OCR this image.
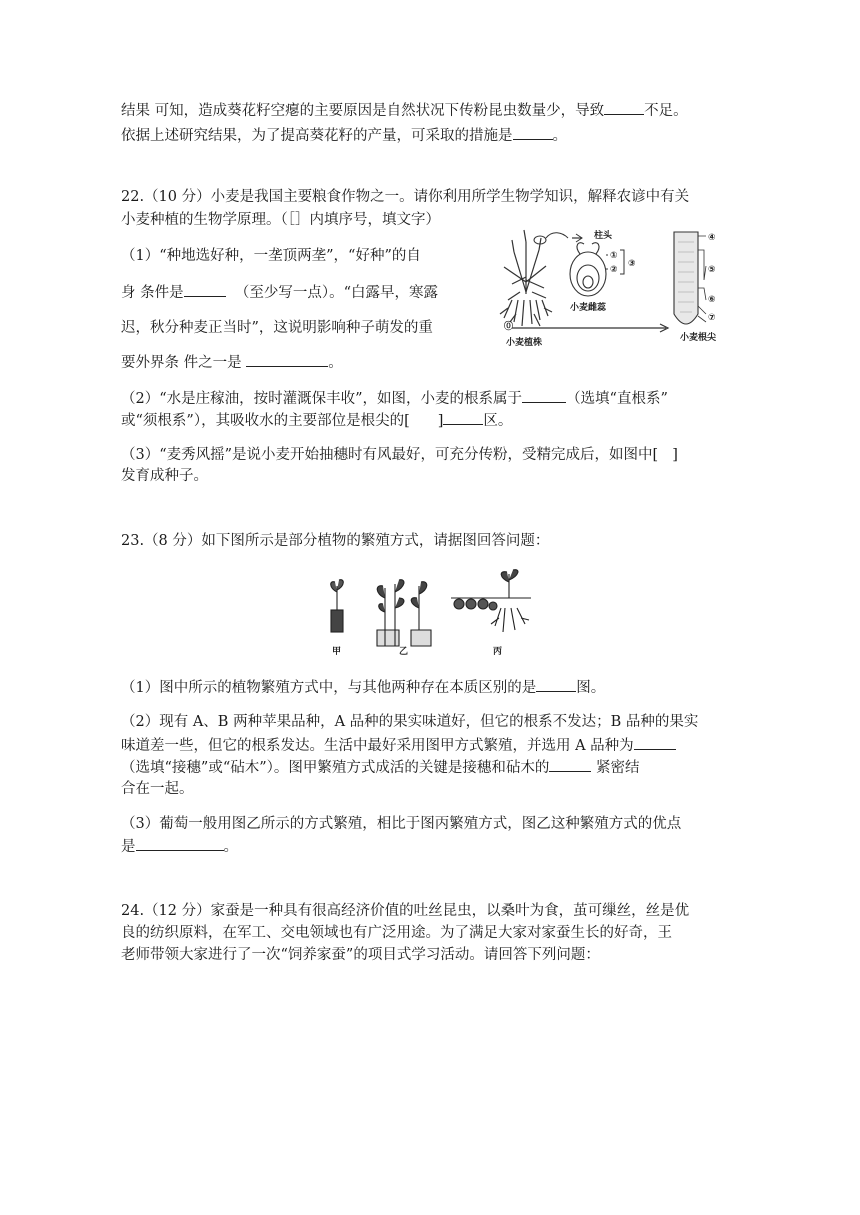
结果 可知，造成葵花籽空瘪的主要原因是自然状况下传粉昆虫数量少，导致	不足。
依据上述研究结果，为了提高葵花籽的产量，可采取的措施是	。
22.（10 分）小麦是我国主要粮食作物之一。请你利用所学生物学知识，解释农谚中有关
小麦种植的生物学原理。（［］内填序号，填文字）
（1）“种地选好种，一垄顶两垄”，“好种”的自
身 条件是	（至少写一点）。“白露早，寒露
迟，秋分种麦正当时”，这说明影响种子萌发的重
要外界条 件之一是	。
⓪
小麦植株
柱头
①
②
③
小麦雌蕊
④
⑤
⑥
⑦
小麦根尖
（2）“水是庄稼油，按时灌溉保丰收”，如图，小麦的根系属于	（选填“直根系”
或“须根系”），其吸收水的主要部位是根尖的[ ]	区。
（3）“麦秀风摇”是说小麦开始抽穗时有风最好，可充分传粉，受精完成后，如图中[ ]
发育成种子。
23.（8 分）如下图所示是部分植物的繁殖方式，请据图回答问题：
甲	乙	丙
（1）图中所示的植物繁殖方式中，与其他两种存在本质区别的是	图。
（2）现有 A、B 两种苹果品种，A 品种的果实味道好，但它的根系不发达；B 品种的果实
味道差一些，但它的根系发达。生活中最好采用图甲方式繁殖，并选用 A 品种为
（选填“接穗”或“砧木”）。图甲繁殖方式成活的关键是接穗和砧木的	紧密结
合在一起。
（3）葡萄一般用图乙所示的方式繁殖，相比于图丙繁殖方式，图乙这种繁殖方式的优点
是	。
24.（12 分）家蚕是一种具有很高经济价值的吐丝昆虫，以桑叶为食，茧可缫丝，丝是优
良的纺织原料，在军工、交电领域也有广泛用途。为了满足大家对家蚕生长的好奇，王
老师带领大家进行了一次“饲养家蚕”的项目式学习活动。请回答下列问题：
